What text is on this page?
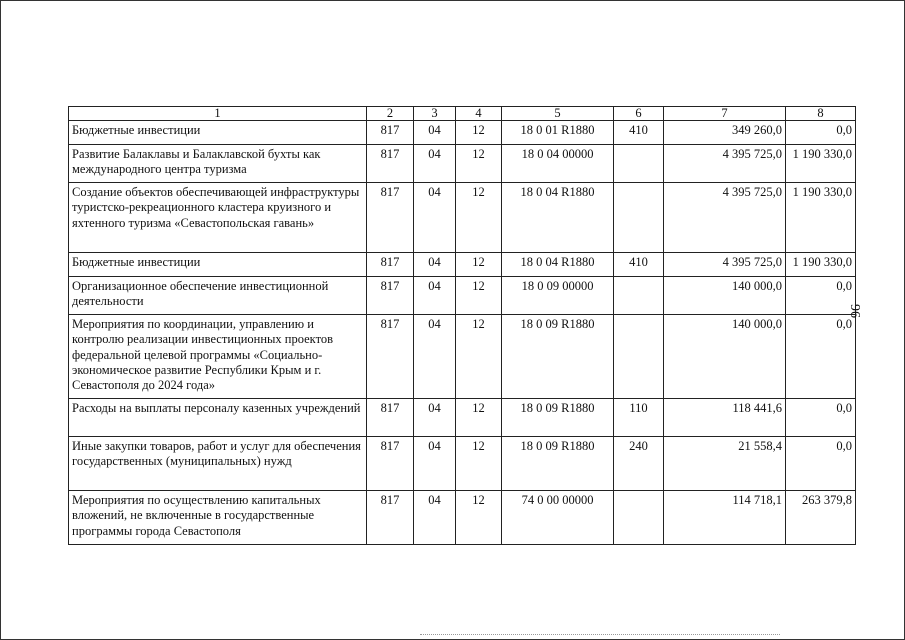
1	2	3	4	5	6	7	8
Бюджетные инвестиции	817	04	12	18 0 01 R1880	410	349 260,0	0,0
Развитие Балаклавы и Балаклавской бухты как международного центра туризма	817	04	12	18 0 04 00000		4 395 725,0	1 190 330,0
Создание объектов обеспечивающей инфраструктуры туристско-рекреационного кластера круизного и яхтенного туризма «Севастопольская гавань»	817	04	12	18 0 04 R1880		4 395 725,0	1 190 330,0
Бюджетные инвестиции	817	04	12	18 0 04 R1880	410	4 395 725,0	1 190 330,0
Организационное обеспечение инвестиционной деятельности	817	04	12	18 0 09 00000		140 000,0	0,0
Мероприятия по координации, управлению и контролю реализации инвестиционных проектов федеральной целевой программы «Социально-экономическое развитие Республики Крым и г. Севастополя до 2024 года»	817	04	12	18 0 09 R1880		140 000,0	0,0
Расходы на выплаты персоналу казенных учреждений	817	04	12	18 0 09 R1880	110	118 441,6	0,0
Иные закупки товаров, работ и услуг для обеспечения государственных (муниципальных) нужд	817	04	12	18 0 09 R1880	240	21 558,4	0,0
Мероприятия по осуществлению капитальных вложений, не включенные в государственные программы города Севастополя	817	04	12	74 0 00 00000		114 718,1	263 379,8
96
